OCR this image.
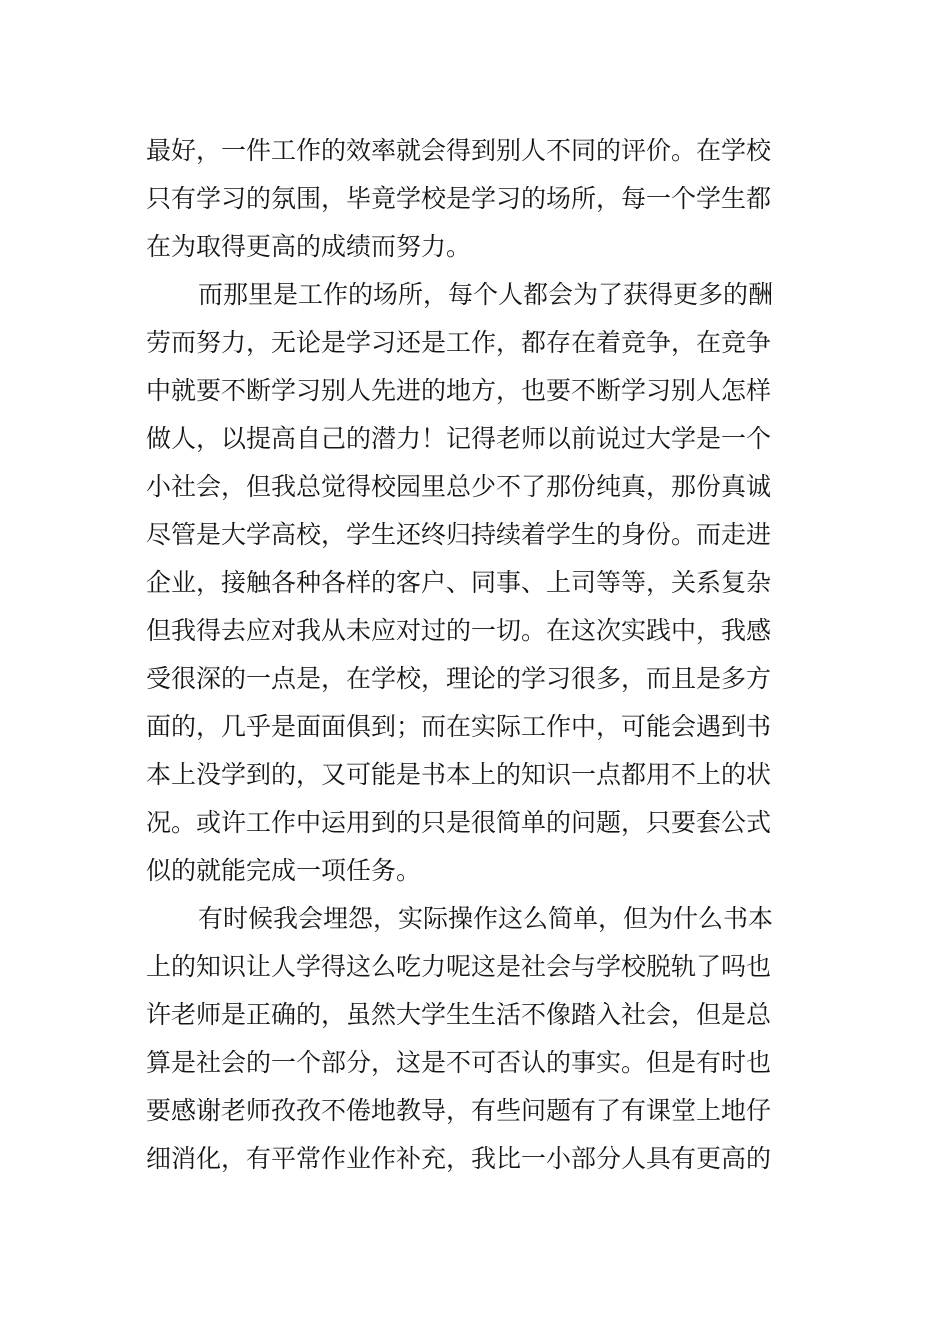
最好，一件工作的效率就会得到别人不同的评价。在学校
只有学习的氛围，毕竟学校是学习的场所，每一个学生都
在为取得更高的成绩而努力。
而那里是工作的场所，每个人都会为了获得更多的酬
劳而努力，无论是学习还是工作，都存在着竞争，在竞争
中就要不断学习别人先进的地方，也要不断学习别人怎样
做人，以提高自己的潜力！记得老师以前说过大学是一个
小社会，但我总觉得校园里总少不了那份纯真，那份真诚
尽管是大学高校，学生还终归持续着学生的身份。而走进
企业，接触各种各样的客户、同事、上司等等，关系复杂
但我得去应对我从未应对过的一切。在这次实践中，我感
受很深的一点是，在学校，理论的学习很多，而且是多方
面的，几乎是面面俱到；而在实际工作中，可能会遇到书
本上没学到的，又可能是书本上的知识一点都用不上的状
况。或许工作中运用到的只是很简单的问题，只要套公式
似的就能完成一项任务。
有时候我会埋怨，实际操作这么简单，但为什么书本
上的知识让人学得这么吃力呢这是社会与学校脱轨了吗也
许老师是正确的，虽然大学生生活不像踏入社会，但是总
算是社会的一个部分，这是不可否认的事实。但是有时也
要感谢老师孜孜不倦地教导，有些问题有了有课堂上地仔
细消化，有平常作业作补充，我比一小部分人具有更高的
